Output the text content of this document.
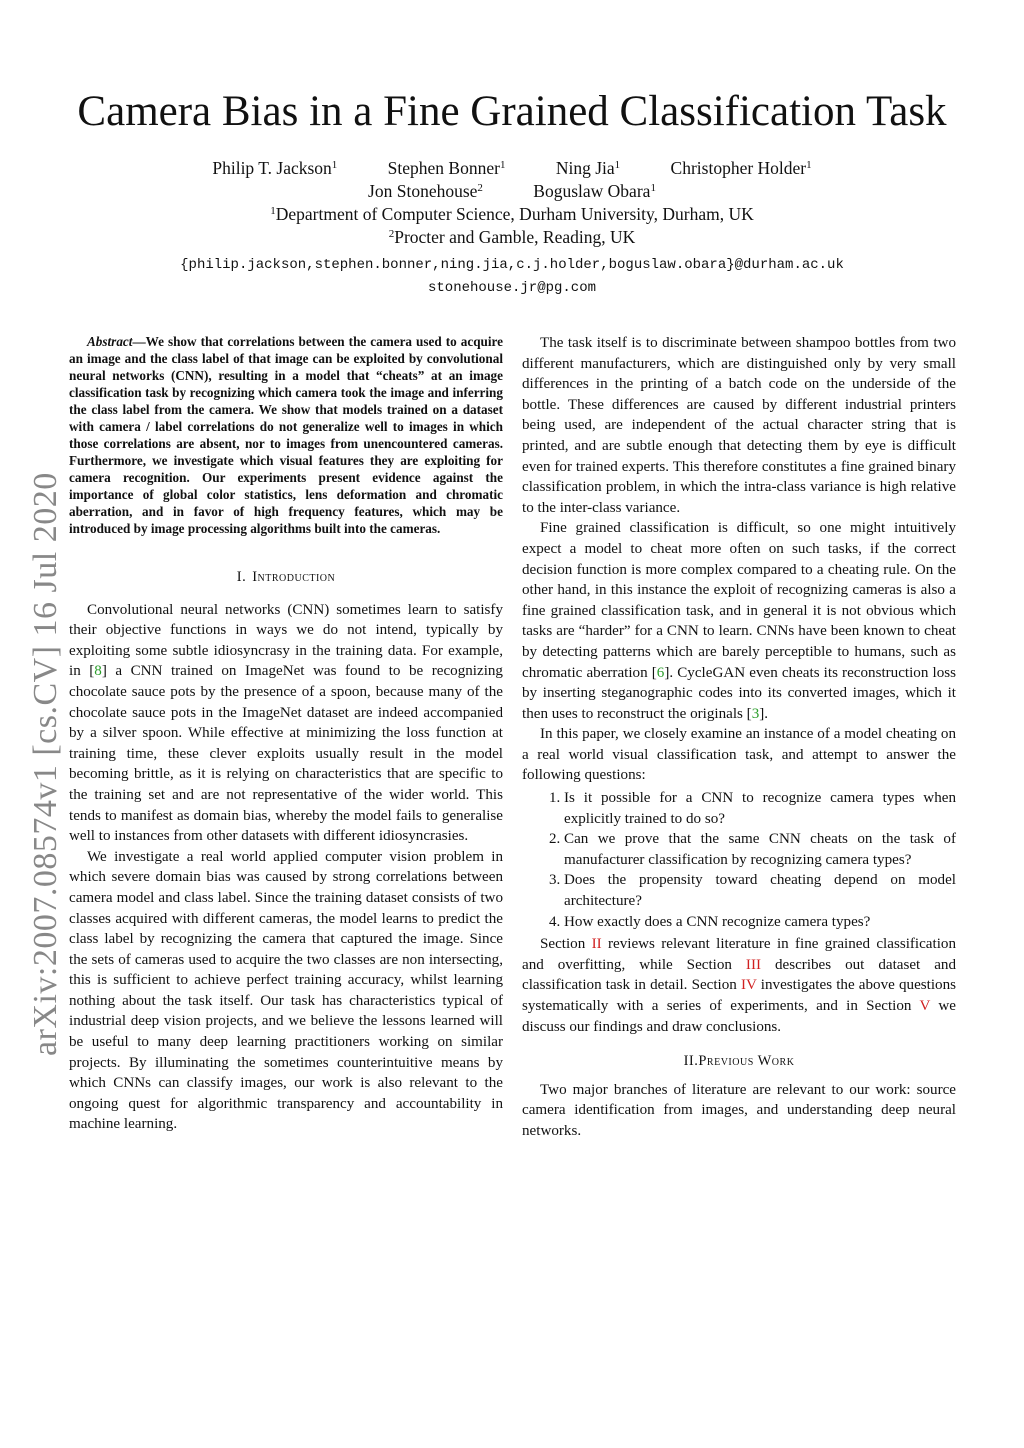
arXiv:2007.08574v1 [cs.CV] 16 Jul 2020
Camera Bias in a Fine Grained Classification Task
Philip T. Jackson$^1$	Stephen Bonner$^1$	Ning Jia$^1$	Christopher Holder$^1$
Jon Stonehouse$^2$	Boguslaw Obara$^1$
$^1$Department of Computer Science, Durham University, Durham, UK
$^2$Procter and Gamble, Reading, UK
{philip.jackson,stephen.bonner,ning.jia,c.j.holder,boguslaw.obara}@durham.ac.uk
stonehouse.jr@pg.com

Abstract—We show that correlations between the camera used to acquire an image and the class label of that image can be exploited by convolutional neural networks (CNN), resulting in a model that “cheats” at an image classification task by recognizing which camera took the image and inferring the class label from the camera. We show that models trained on a dataset with camera / label correlations do not generalize well to images in which those correlations are absent, nor to images from unencountered cameras. Furthermore, we investigate which visual features they are exploiting for camera recognition. Our experiments present evidence against the importance of global color statistics, lens deformation and chromatic aberration, and in favor of high frequency features, which may be introduced by image processing algorithms built into the cameras.

I. Introduction

Convolutional neural networks (CNN) sometimes learn to satisfy their objective functions in ways we do not intend, typically by exploiting some subtle idiosyncrasy in the training data. For example, in [8] a CNN trained on ImageNet was found to be recognizing chocolate sauce pots by the presence of a spoon, because many of the chocolate sauce pots in the ImageNet dataset are indeed accompanied by a silver spoon. While effective at minimizing the loss function at training time, these clever exploits usually result in the model becoming brittle, as it is relying on characteristics that are specific to the training set and are not representative of the wider world. This tends to manifest as domain bias, whereby the model fails to generalise well to instances from other datasets with different idiosyncrasies.

We investigate a real world applied computer vision problem in which severe domain bias was caused by strong correlations between camera model and class label. Since the training dataset consists of two classes acquired with different cameras, the model learns to predict the class label by recognizing the camera that captured the image. Since the sets of cameras used to acquire the two classes are non intersecting, this is sufficient to achieve perfect training accuracy, whilst learning nothing about the task itself. Our task has characteristics typical of industrial deep vision projects, and we believe the lessons learned will be useful to many deep learning practitioners working on similar projects. By illuminating the sometimes counterintuitive means by which CNNs can classify images, our work is also relevant to the ongoing quest for algorithmic transparency and accountability in machine learning.

The task itself is to discriminate between shampoo bottles from two different manufacturers, which are distinguished only by very small differences in the printing of a batch code on the underside of the bottle. These differences are caused by different industrial printers being used, are independent of the actual character string that is printed, and are subtle enough that detecting them by eye is difficult even for trained experts. This therefore constitutes a fine grained binary classification problem, in which the intra-class variance is high relative to the inter-class variance.

Fine grained classification is difficult, so one might intuitively expect a model to cheat more often on such tasks, if the correct decision function is more complex compared to a cheating rule. On the other hand, in this instance the exploit of recognizing cameras is also a fine grained classification task, and in general it is not obvious which tasks are “harder” for a CNN to learn. CNNs have been known to cheat by detecting patterns which are barely perceptible to humans, such as chromatic aberration [6]. CycleGAN even cheats its reconstruction loss by inserting steganographic codes into its converted images, which it then uses to reconstruct the originals [3].

In this paper, we closely examine an instance of a model cheating on a real world visual classification task, and attempt to answer the following questions:

1. Is it possible for a CNN to recognize camera types when explicitly trained to do so?
2. Can we prove that the same CNN cheats on the task of manufacturer classification by recognizing camera types?
3. Does the propensity toward cheating depend on model architecture?
4. How exactly does a CNN recognize camera types?

Section II reviews relevant literature in fine grained classification and overfitting, while Section III describes out dataset and classification task in detail. Section IV investigates the above questions systematically with a series of experiments, and in Section V we discuss our findings and draw conclusions.

II.Previous Work

Two major branches of literature are relevant to our work: source camera identification from images, and understanding deep neural networks.
